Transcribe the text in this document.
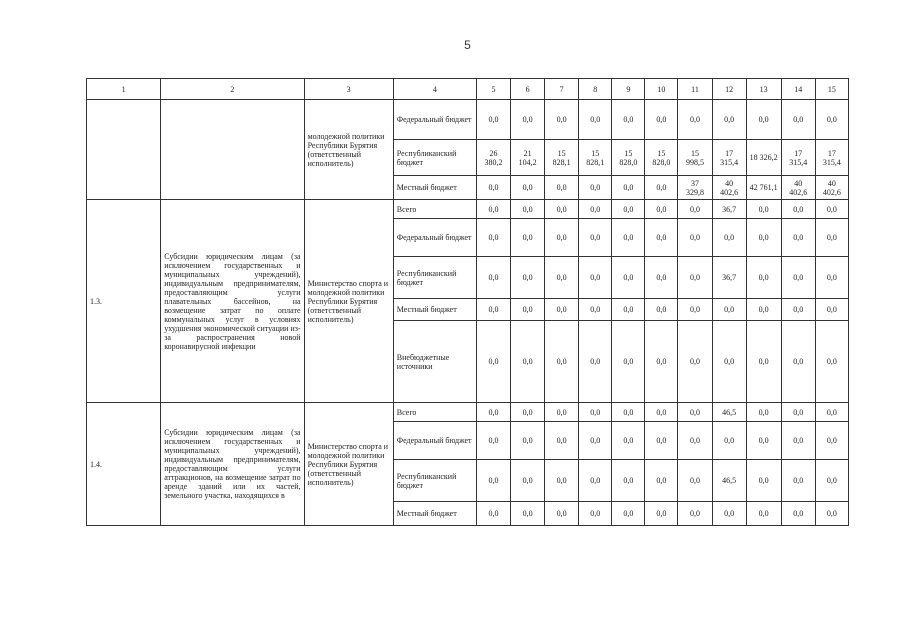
5
1	2	3	4	5	6	7	8	9	10	11	12	13	14	15
		молодежной политики Республики Бурятия (ответственный исполнитель)	Федеральный бюджет	0,0	0,0	0,0	0,0	0,0	0,0	0,0	0,0	0,0	0,0	0,0
			Республиканский бюджет	26 380,2	21 104,2	15 828,1	15 828,1	15 828,0	15 828,0	15 998,5	17 315,4	18 326,2	17 315,4	17 315,4
			Местный бюджет	0,0	0,0	0,0	0,0	0,0	0,0	37 329,8	40 402,6	42 761,1	40 402,6	40 402,6
1.3.	Субсидии юридическим лицам (за исключением государственных и муниципальных учреждений), индивидуальным предпринимателям, предоставляющим услуги плавательных бассейнов, на возмещение затрат по оплате коммунальных услуг в условиях ухудшения экономической ситуации из-за распространения новой коронавирусной инфекции	Министерство спорта и молодежной политики Республики Бурятия (ответственный исполнитель)	Всего	0,0	0,0	0,0	0,0	0,0	0,0	0,0	36,7	0,0	0,0	0,0
			Федеральный бюджет	0,0	0,0	0,0	0,0	0,0	0,0	0,0	0,0	0,0	0,0	0,0
			Республиканский бюджет	0,0	0,0	0,0	0,0	0,0	0,0	0,0	36,7	0,0	0,0	0,0
			Местный бюджет	0,0	0,0	0,0	0,0	0,0	0,0	0,0	0,0	0,0	0,0	0,0
			Внебюджетные источники	0,0	0,0	0,0	0,0	0,0	0,0	0,0	0,0	0,0	0,0	0,0
1.4.	Субсидии юридическим лицам (за исключением государственных и муниципальных учреждений), индивидуальным предпринимателям, предоставляющим услуги аттракционов, на возмещение затрат по аренде зданий или их частей, земельного участка, находящихся в	Министерство спорта и молодежной политики Республики Бурятия (ответственный исполнитель)	Всего	0,0	0,0	0,0	0,0	0,0	0,0	0,0	46,5	0,0	0,0	0,0
			Федеральный бюджет	0,0	0,0	0,0	0,0	0,0	0,0	0,0	0,0	0,0	0,0	0,0
			Республиканский бюджет	0,0	0,0	0,0	0,0	0,0	0,0	0,0	46,5	0,0	0,0	0,0
			Местный бюджет	0,0	0,0	0,0	0,0	0,0	0,0	0,0	0,0	0,0	0,0	0,0
